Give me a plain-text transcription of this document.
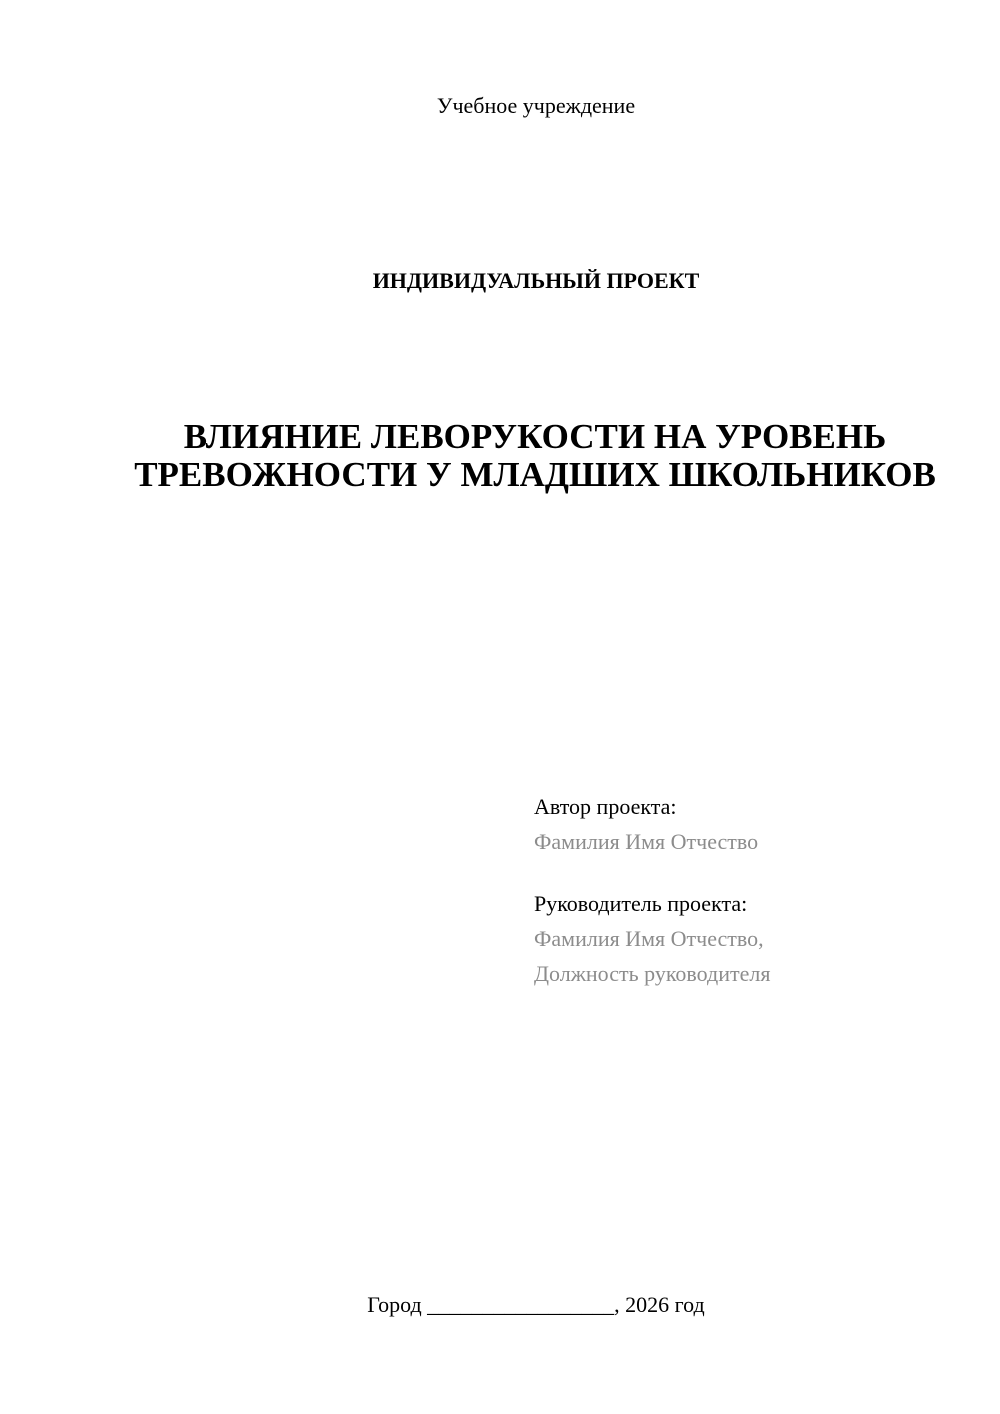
Учебное учреждение
ИНДИВИДУАЛЬНЫЙ ПРОЕКТ
ВЛИЯНИЕ ЛЕВОРУКОСТИ НА УРОВЕНЬ ТРЕВОЖНОСТИ У МЛАДШИХ ШКОЛЬНИКОВ
Автор проекта:
Фамилия Имя Отчество
Руководитель проекта:
Фамилия Имя Отчество,
Должность руководителя
Город _________________, 2026 год
